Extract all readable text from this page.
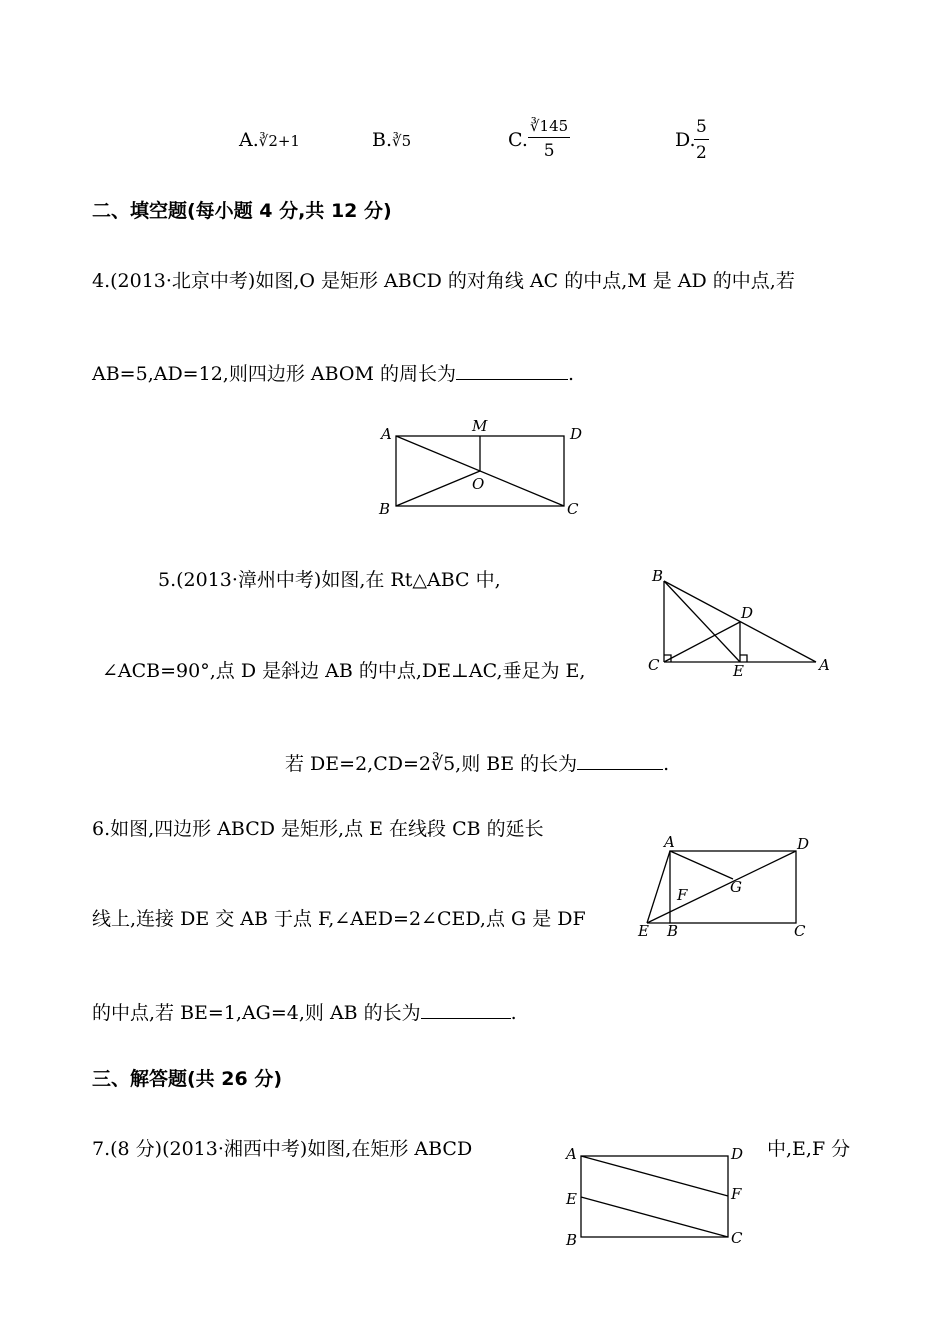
A.∛2+1	B.∛5	C. $\frac{∛145}{5}$	D.
$\frac{5}{2}$
二、填空题(每小题 4 分,共 12 分)
4.(2013·北京中考)如图,O 是矩形 ABCD 的对角线 AC 的中点,M 是 AD 的中点,若
AB=5,AD=12,则四边形 ABOM 的周长为	.
A	M	D
O
B	C
5.(2013·漳州中考)如图,在 Rt△ABC 中,
∠ACB=90°,点 D 是斜边 AB 的中点,DE⊥AC,垂足为 E,
若 DE=2,CD=2∛5,则 BE 的长为	.
B
D
C	E	A
6.如图,四边形 ABCD 是矩形,点 E 在线段 CB 的延长
线上,连接 DE 交 AB 于点 F,∠AED=2∠CED,点 G 是 DF
的中点,若 BE=1,AG=4,则 AB 的长为	.
A	D
F	G
E B	C
三、解答题(共 26 分)
7.(8 分)(2013·湘西中考)如图,在矩形 ABCD	中,E,F 分
A	D
E	F
B	C
